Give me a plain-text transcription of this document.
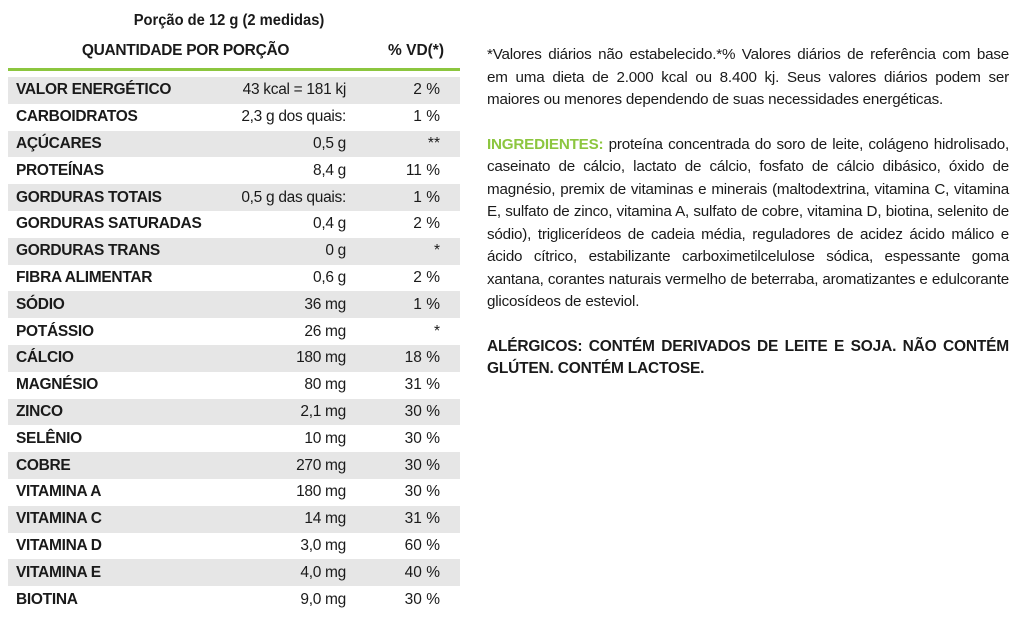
Porção de 12 g (2 medidas)
QUANTIDADE POR PORÇÃO	% VD(*)
VALOR ENERGÉTICO	43 kcal = 181 kj	2 %
CARBOIDRATOS	2,3 g dos quais:	1 %
AÇÚCARES	0,5 g	**
PROTEÍNAS	8,4 g	11 %
GORDURAS TOTAIS	0,5 g das quais:	1 %
GORDURAS SATURADAS	0,4 g	2 %
GORDURAS TRANS	0 g	*
FIBRA ALIMENTAR	0,6 g	2 %
SÓDIO	36 mg	1 %
POTÁSSIO	26 mg	*
CÁLCIO	180 mg	18 %
MAGNÉSIO	80 mg	31 %
ZINCO	2,1 mg	30 %
SELÊNIO	10 mg	30 %
COBRE	270 mg	30 %
VITAMINA A	180 mg	30 %
VITAMINA C	14 mg	31 %
VITAMINA D	3,0 mg	60 %
VITAMINA E	4,0 mg	40 %
BIOTINA	9,0 mg	30 %

*Valores diários não estabelecido.*% Valores diários de referência com base em uma dieta de 2.000 kcal ou 8.400 kj. Seus valores diários podem ser maiores ou menores dependendo de suas necessidades energéticas.

INGREDIENTES: proteína concentrada do soro de leite, colágeno hidrolisado, caseinato de cálcio, lactato de cálcio, fosfato de cálcio dibásico, óxido de magnésio, premix de vitaminas e minerais (maltodextrina, vitamina C, vitamina E, sulfato de zinco, vitamina A, sulfato de cobre, vitamina D, biotina, selenito de sódio), triglicerídeos de cadeia média, reguladores de acidez ácido málico e ácido cítrico, estabilizante carboximetilcelulose sódica, espessante goma xantana, corantes naturais vermelho de beterraba, aromatizantes e edulcorante glicosídeos de esteviol.

ALÉRGICOS: CONTÉM DERIVADOS DE LEITE E SOJA. NÃO CONTÉM GLÚTEN. CONTÉM LACTOSE.
